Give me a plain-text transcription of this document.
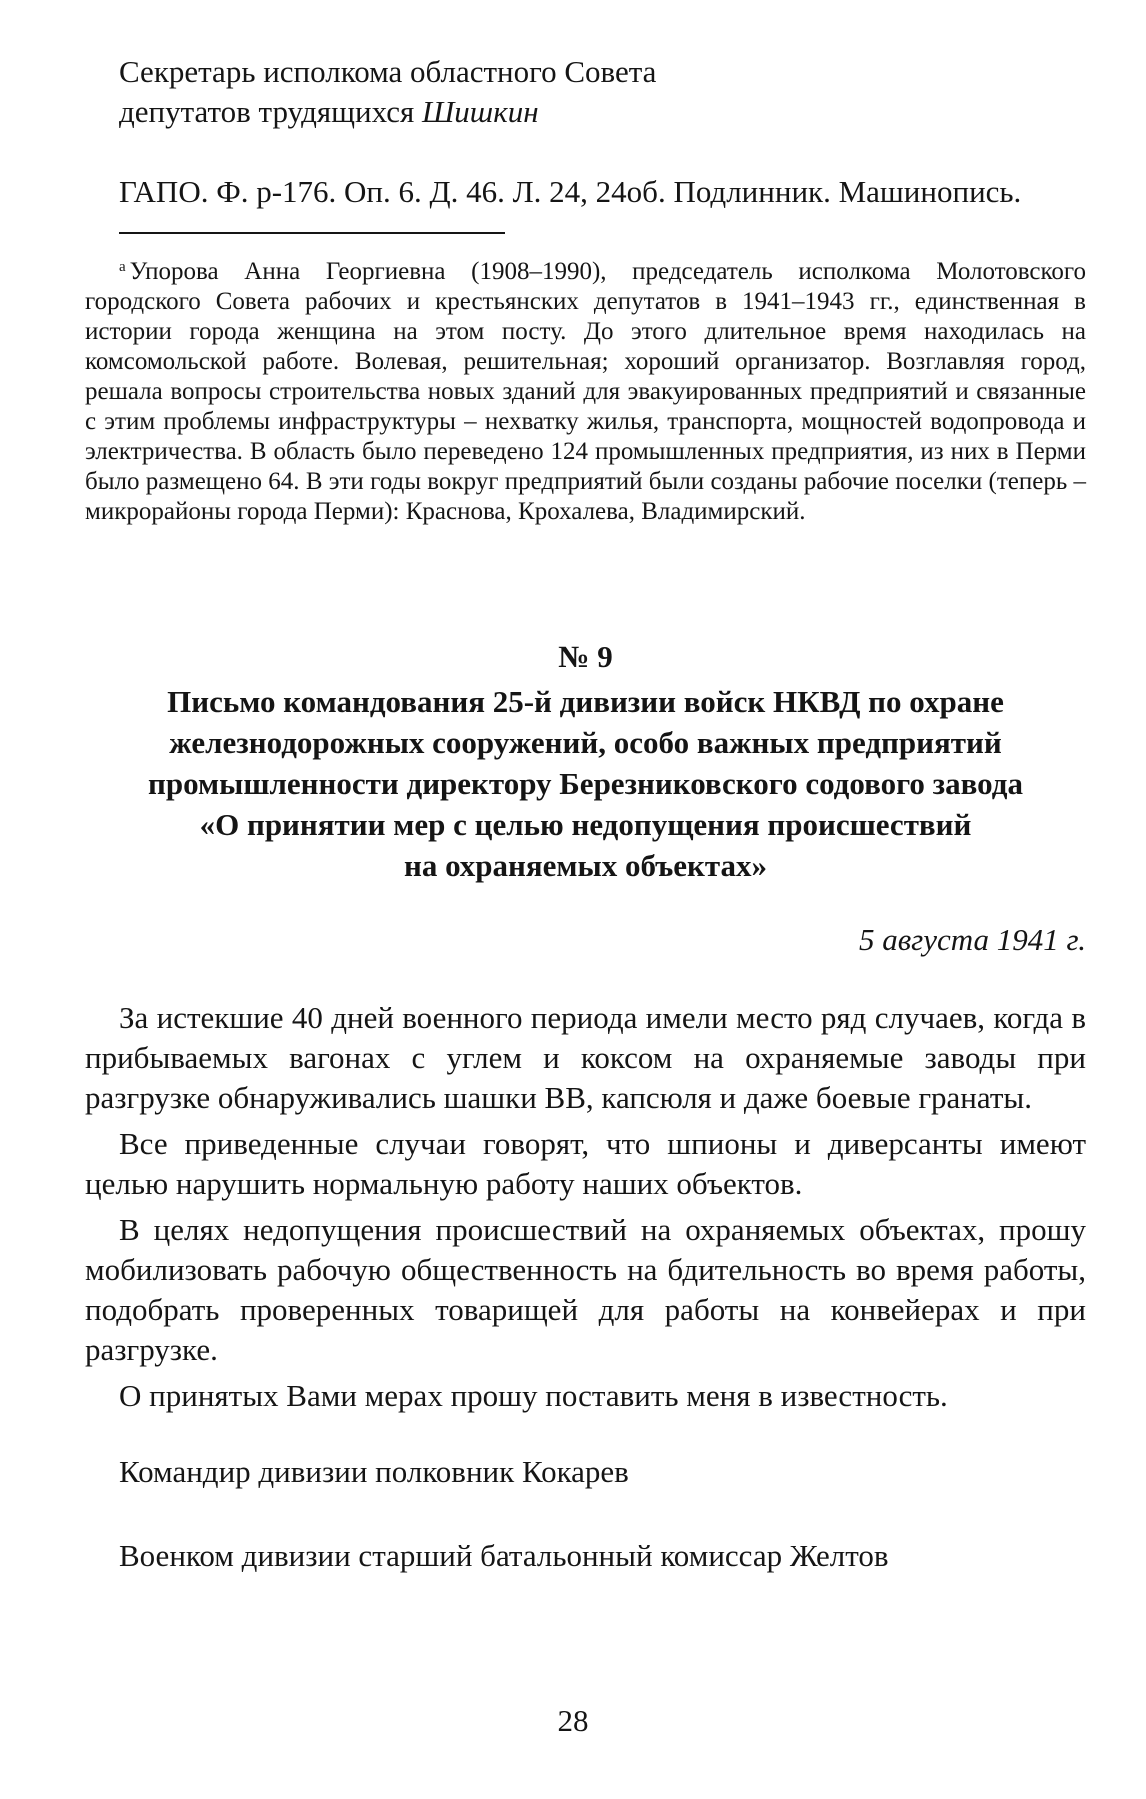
Секретарь исполкома областного Совета
депутатов трудящихся Шишкин
ГАПО. Ф. р-176. Оп. 6. Д. 46. Л. 24, 24об. Подлинник. Машинопись.
$^а$ Упорова Анна Георгиевна (1908–1990), председатель исполкома Молотовского городского Совета рабочих и крестьянских депутатов в 1941–1943 гг., единственная в истории города женщина на этом посту. До этого длительное время находилась на комсомольской работе. Волевая, решительная; хороший организатор. Возглавляя город, решала вопросы строительства новых зданий для эвакуированных предприятий и связанные с этим проблемы инфраструктуры – нехватку жилья, транспорта, мощностей водопровода и электричества. В область было переведено 124 промышленных предприятия, из них в Перми было размещено 64. В эти годы вокруг предприятий были созданы рабочие поселки (теперь – микрорайоны города Перми): Краснова, Крохалева, Владимирский.
№ 9
Письмо командования 25-й дивизии войск НКВД по охране
железнодорожных сооружений, особо важных предприятий
промышленности директору Березниковского содового завода
«О принятии мер с целью недопущения происшествий
на охраняемых объектах»
5 августа 1941 г.

За истекшие 40 дней военного периода имели место ряд случаев, когда в прибываемых вагонах с углем и коксом на охраняемые заводы при разгрузке обнаруживались шашки ВВ, капсюля и даже боевые гранаты.

Все приведенные случаи говорят, что шпионы и диверсанты имеют целью нарушить нормальную работу наших объектов.

В целях недопущения происшествий на охраняемых объектах, прошу мобилизовать рабочую общественность на бдительность во время работы, подобрать проверенных товарищей для работы на конвейерах и при разгрузке.

О принятых Вами мерах прошу поставить меня в известность.

Командир дивизии полковник Кокарев
Военком дивизии старший батальонный комиссар Желтов
28
